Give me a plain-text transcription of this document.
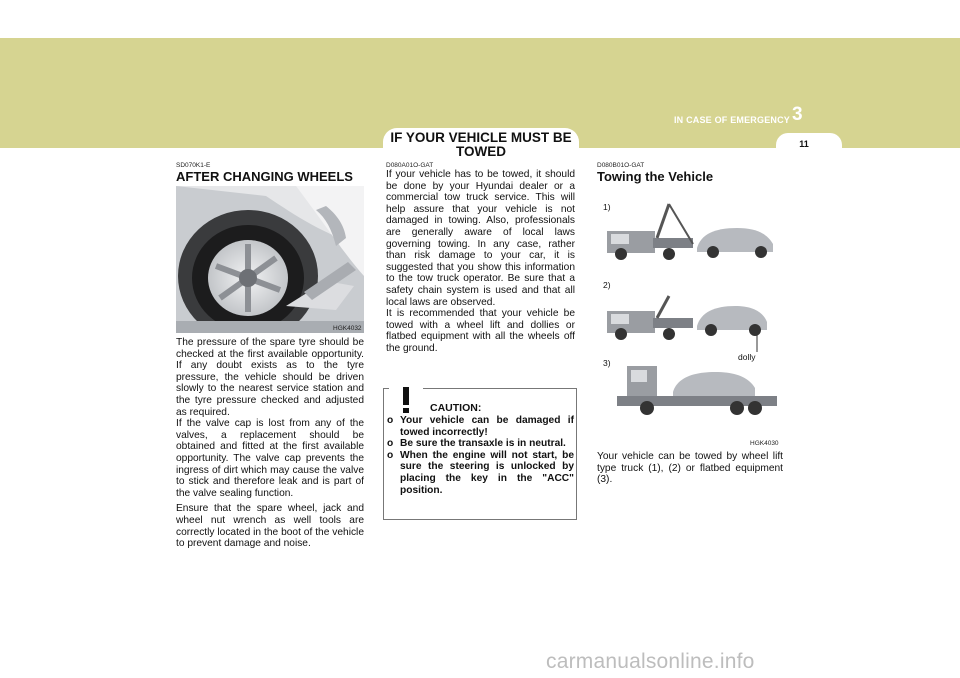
IN CASE OF EMERGENCY 3
11
IF YOUR VEHICLE MUST BE
TOWED
SD070K1-E
AFTER CHANGING WHEELS
HGK4032

The pressure of the spare tyre should be checked at the first available opportunity. If any doubt exists as to the tyre pressure, the vehicle should be driven slowly to the nearest service station and the tyre pressure checked and adjusted as required.

If the valve cap is lost from any of the valves, a replacement should be obtained and fitted at the first available opportunity. The valve cap prevents the ingress of dirt which may cause the valve to stick and therefore leak and is part of the valve sealing function.

Ensure that the spare wheel, jack and wheel nut wrench as well tools are correctly located in the boot of the vehicle to prevent damage and noise.

D080A01O-GAT

If your vehicle has to be towed, it should be done by your Hyundai dealer or a commercial tow truck service. This will help assure that your vehicle is not damaged in towing. Also, professionals are generally aware of local laws governing towing. In any case, rather than risk damage to your car, it is suggested that you show this information to the tow truck operator. Be sure that a safety chain system is used and that all local laws are observed.

It is recommended that your vehicle be towed with a wheel lift and dollies or flatbed equipment with all the wheels off the ground.

CAUTION:
o Your vehicle can be damaged if towed incorrectly!
o Be sure the transaxle is in neutral.
o When the engine will not start, be sure the steering is unlocked by placing the key in the "ACC" position.
D080B01O-GAT
Towing the Vehicle
1)
2)
3)
dolly
HGK4030

Your vehicle can be towed by wheel lift type truck (1), (2) or flatbed equipment (3).

carmanualsonline.info
